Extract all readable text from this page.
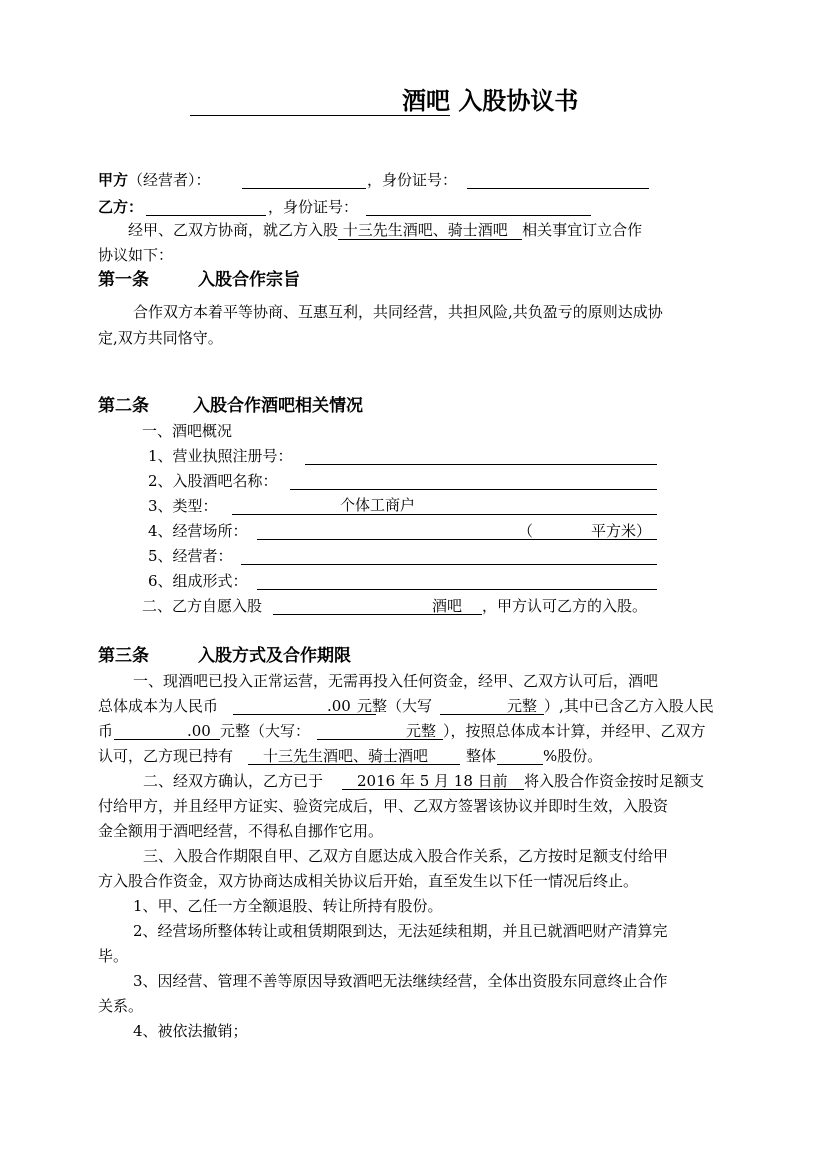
酒吧 入股协议书
甲方（经营者）：	，身份证号：
乙方：	，身份证号：
经甲、乙双方协商，就乙方入股 十三先生酒吧、骑士酒吧 相关事宜订立合作
协议如下：
第一条	入股合作宗旨
合作双方本着平等协商、互惠互利，共同经营，共担风险,共负盈亏的原则达成协
定,双方共同恪守。
第二条	入股合作酒吧相关情况
一、酒吧概况
1、营业执照注册号：
2、入股酒吧名称：
3、类型：	个体工商户
4、经营场所：	（	平方米）
5、经营者：
6、组成形式：
二、乙方自愿入股	酒吧 ，甲方认可乙方的入股。
第三条	入股方式及合作期限
一、现酒吧已投入正常运营，无需再投入任何资金，经甲、乙双方认可后，酒吧
总体成本为人民币	.00 元整（大写	元整 ）,其中已含乙方入股人民
币	.00 元整（大写：	元整 ），按照总体成本计算，并经甲、乙双方
认可，乙方现已持有 十三先生酒吧、骑士酒吧	整体	%股份。
二、经双方确认，乙方已于 2016 年 5 月 18 日前 将入股合作资金按时足额支
付给甲方，并且经甲方证实、验资完成后，甲、乙双方签署该协议并即时生效，入股资
金全额用于酒吧经营，不得私自挪作它用。
三、入股合作期限自甲、乙双方自愿达成入股合作关系，乙方按时足额支付给甲
方入股合作资金，双方协商达成相关协议后开始，直至发生以下任一情况后终止。
1、甲、乙任一方全额退股、转让所持有股份。
2、经营场所整体转让或租赁期限到达，无法延续租期，并且已就酒吧财产清算完
毕。
3、因经营、管理不善等原因导致酒吧无法继续经营，全体出资股东同意终止合作
关系。
4、被依法撤销；
